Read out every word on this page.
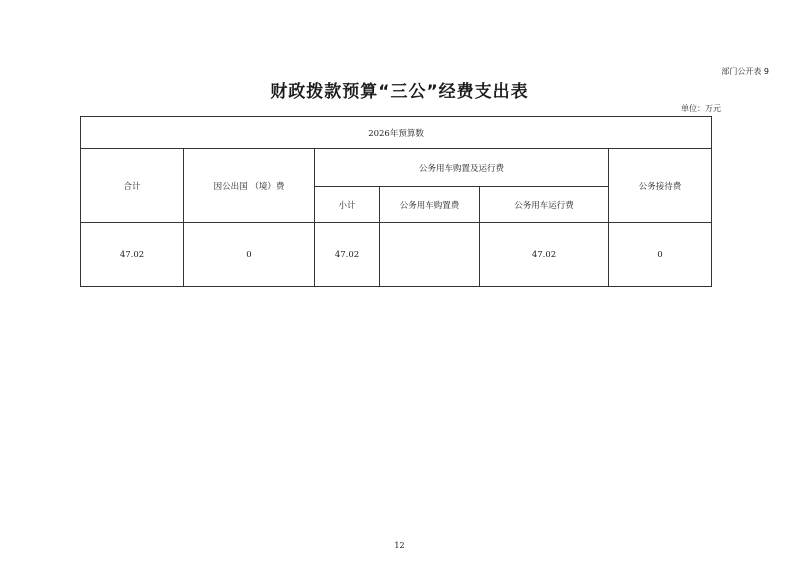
部门公开表 9
财政拨款预算“三公”经费支出表
单位：万元
2026年预算数					
合计	因公出国 （境）费	公务用车购置及运行费			公务接待费
		小计	公务用车购置费	公务用车运行费	
47.02	0	47.02		47.02	0
12
